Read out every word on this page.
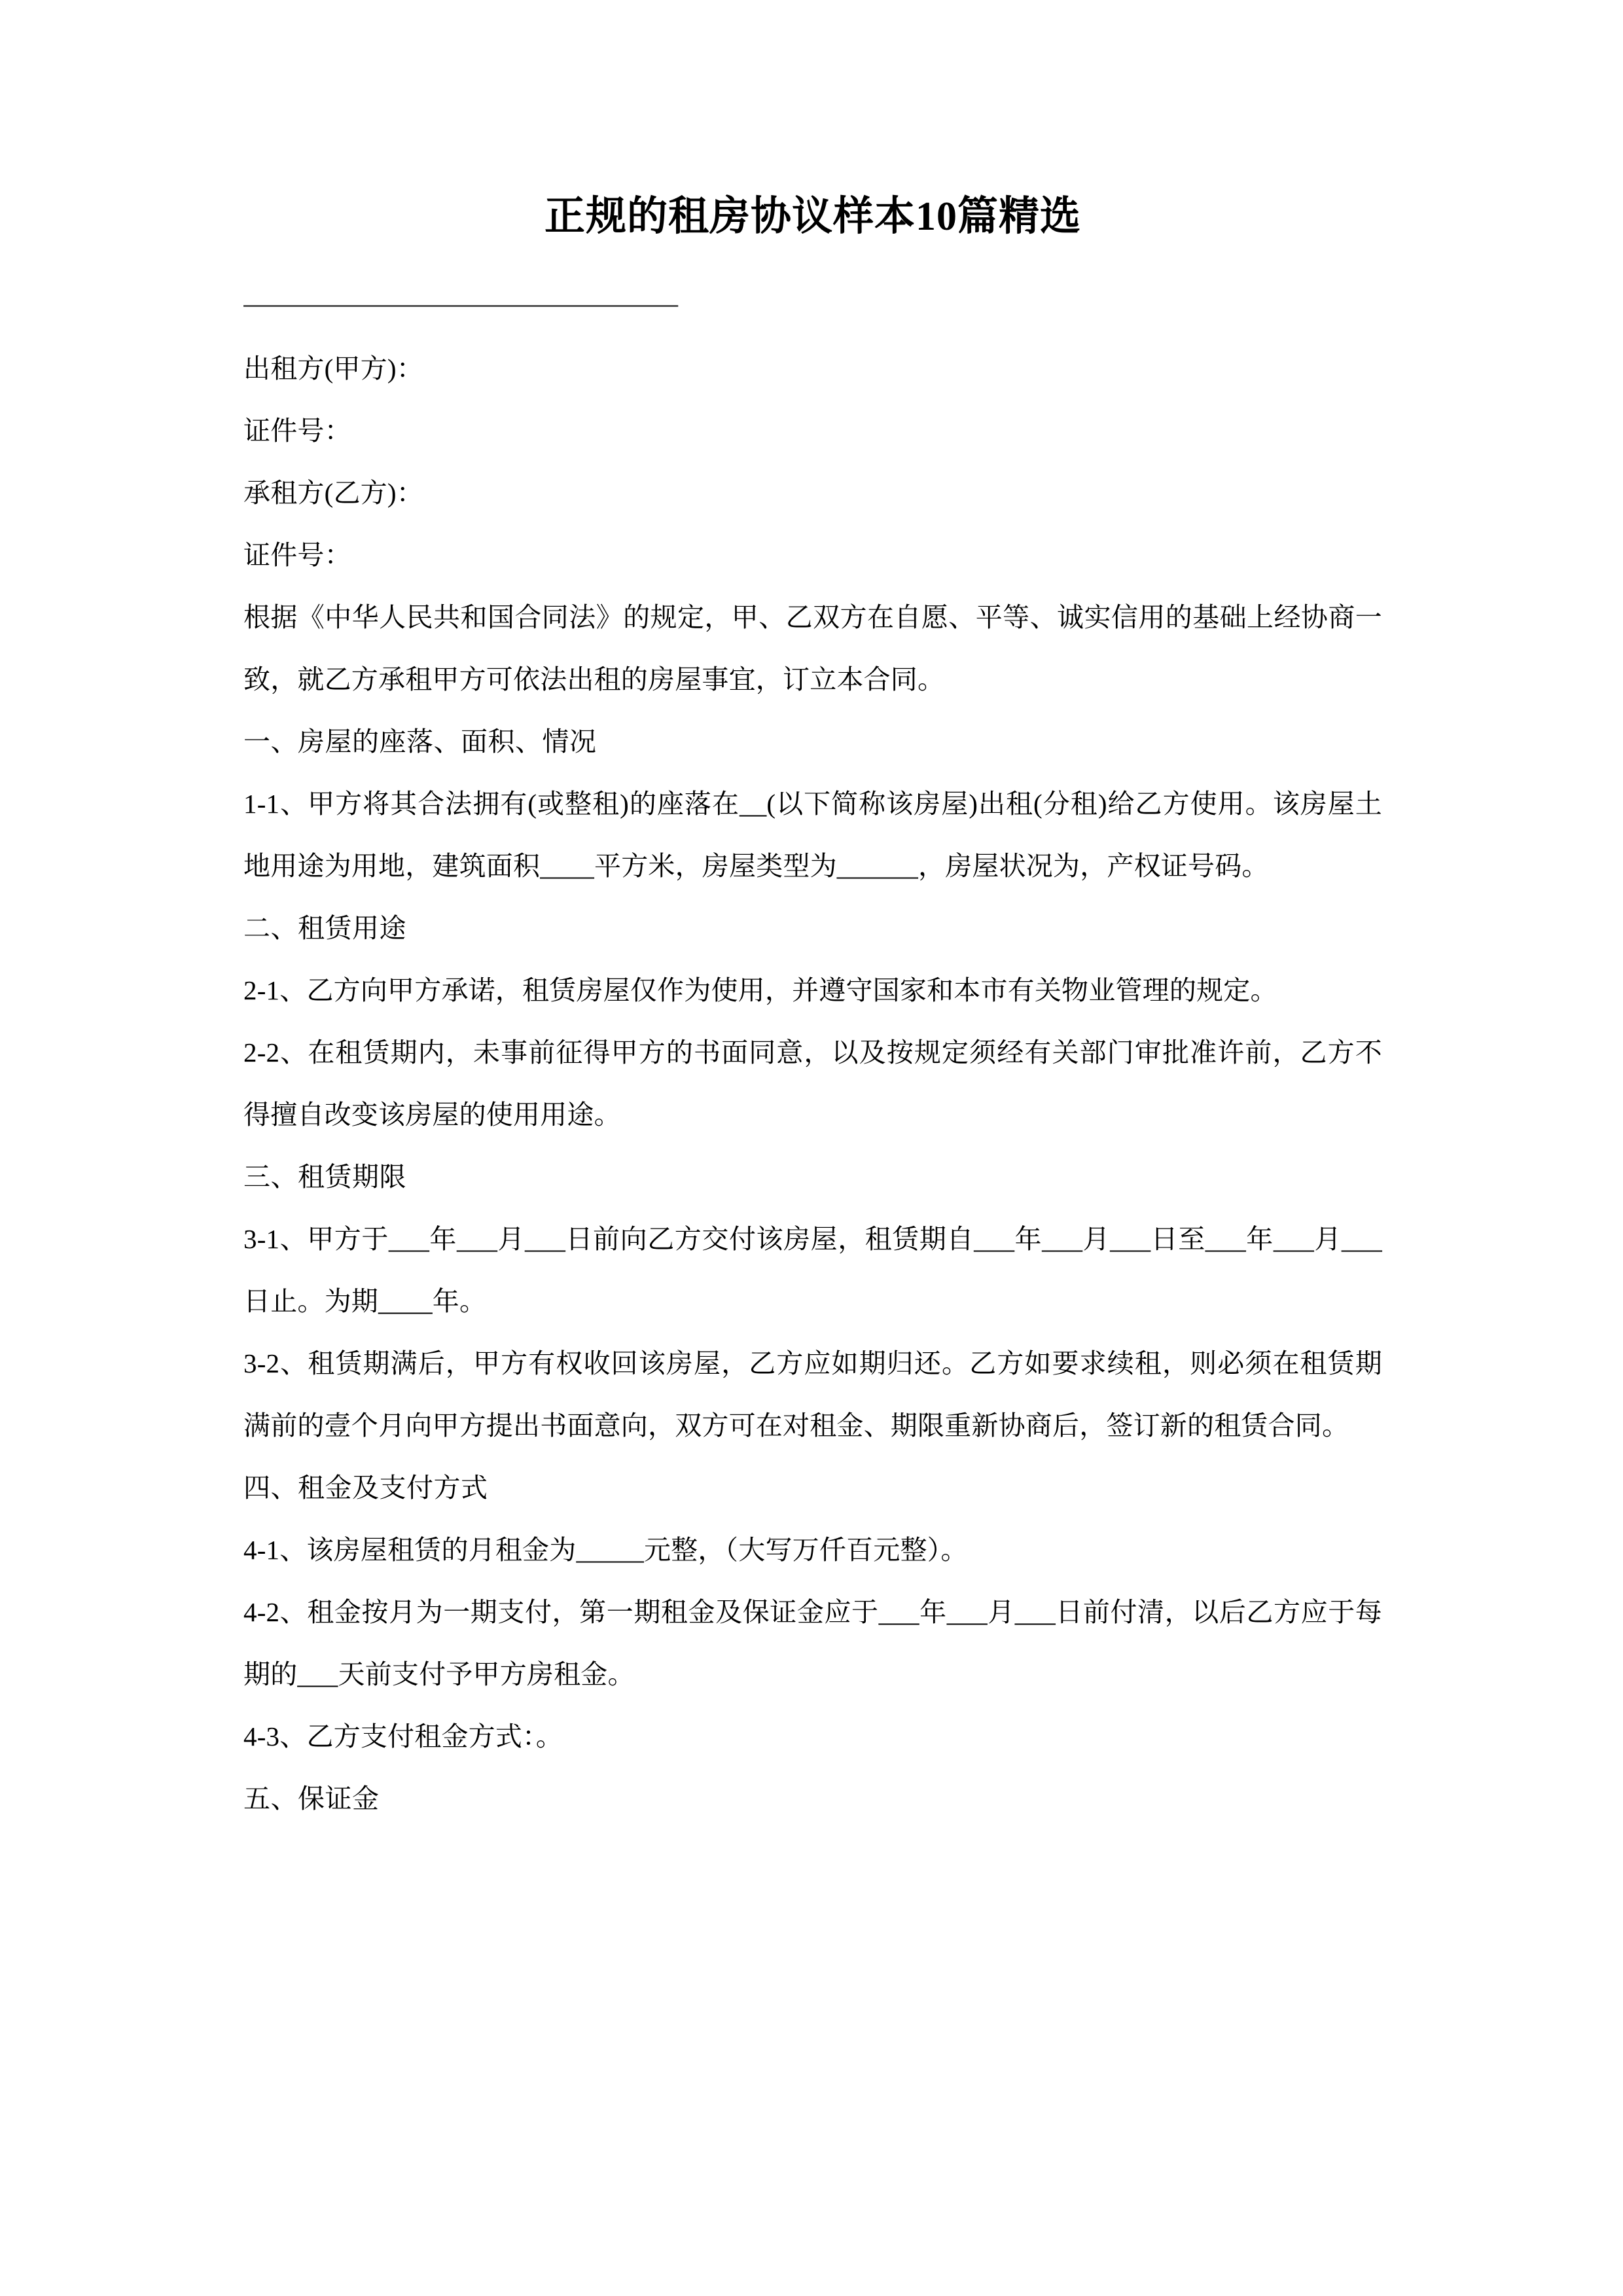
正规的租房协议样本10篇精选
—————————————————

出租方(甲方)：

证件号：

承租方(乙方)：

证件号：

根据《中华人民共和国合同法》的规定，甲、乙双方在自愿、平等、诚实信用的基础上经协商一致，就乙方承租甲方可依法出租的房屋事宜，订立本合同。

一、房屋的座落、面积、情况

1-1、甲方将其合法拥有(或整租)的座落在__(以下简称该房屋)出租(分租)给乙方使用。该房屋土地用途为用地，建筑面积____平方米，房屋类型为______，房屋状况为，产权证号码。

二、租赁用途

2-1、乙方向甲方承诺，租赁房屋仅作为使用，并遵守国家和本市有关物业管理的规定。

2-2、在租赁期内，未事前征得甲方的书面同意，以及按规定须经有关部门审批准许前，乙方不得擅自改变该房屋的使用用途。

三、租赁期限

3-1、甲方于___年___月___日前向乙方交付该房屋，租赁期自___年___月___日至___年___月___日止。为期____年。

3-2、租赁期满后，甲方有权收回该房屋，乙方应如期归还。乙方如要求续租，则必须在租赁期满前的壹个月向甲方提出书面意向，双方可在对租金、期限重新协商后，签订新的租赁合同。

四、租金及支付方式

4-1、该房屋租赁的月租金为_____元整，（大写万仟百元整）。

4-2、租金按月为一期支付，第一期租金及保证金应于___年___月___日前付清，以后乙方应于每期的___天前支付予甲方房租金。

4-3、乙方支付租金方式：。

五、保证金
